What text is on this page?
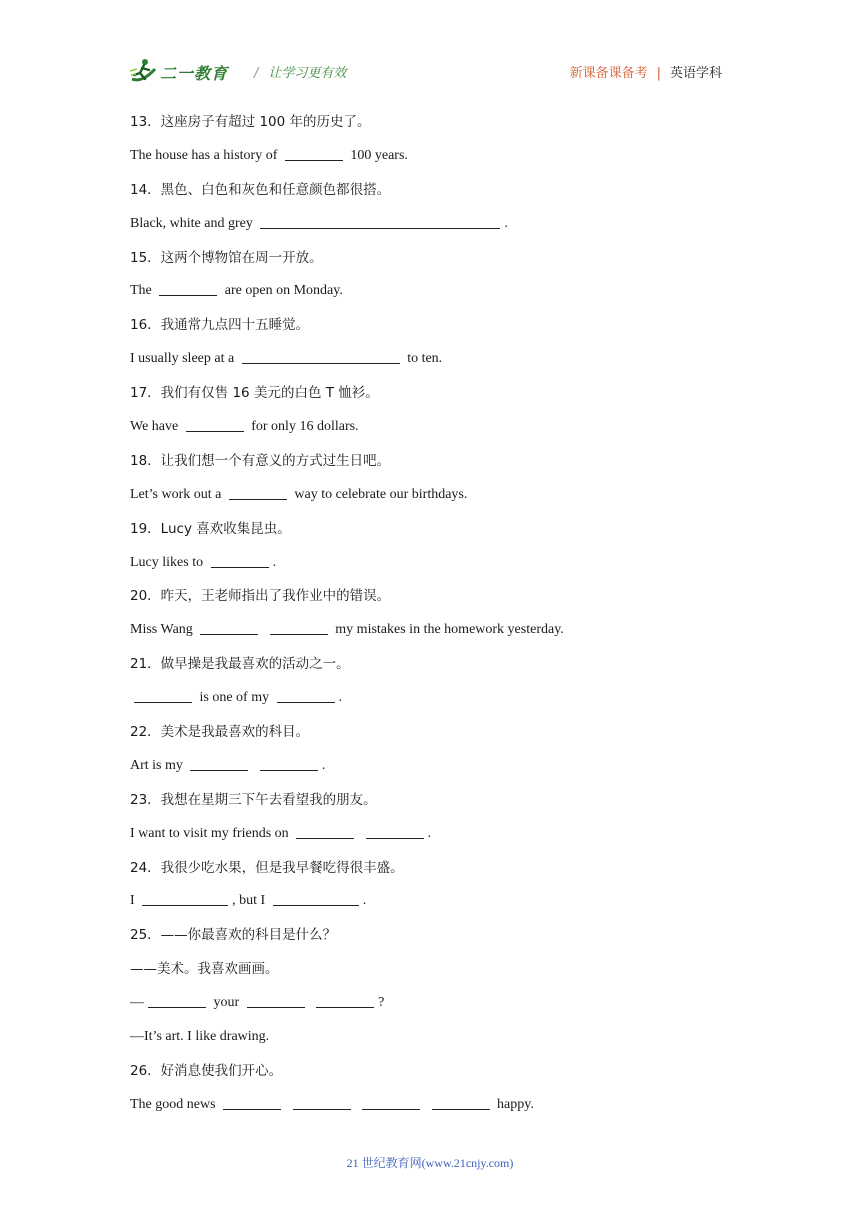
二一教育 / 让学习更有效	新课备课备考 | 英语学科
13．这座房子有超过 100 年的历史了。
The house has a history of	100 years.
14．黑色、白色和灰色和任意颜色都很搭。
Black, white and grey	.
15．这两个博物馆在周一开放。
The	are open on Monday.
16．我通常九点四十五睡觉。
I usually sleep at a	to ten.
17．我们有仅售 16 美元的白色 T 恤衫。
We have	for only 16 dollars.
18．让我们想一个有意义的方式过生日吧。
Let’s work out a	way to celebrate our birthdays.
19．Lucy 喜欢收集昆虫。
Lucy likes to	.
20．昨天，王老师指出了我作业中的错误。
Miss Wang	my mistakes in the homework yesterday.
21．做早操是我最喜欢的活动之一。
is one of my	.
22．美术是我最喜欢的科目。
Art is my	.
23．我想在星期三下午去看望我的朋友。
I want to visit my friends on	.
24．我很少吃水果，但是我早餐吃得很丰盛。
I	, but I	.
25．——你最喜欢的科目是什么？
——美术。我喜欢画画。
—	your	?
—It’s art. I like drawing.
26．好消息使我们开心。
The good news	happy.
21 世纪教育网(www.21cnjy.com)
